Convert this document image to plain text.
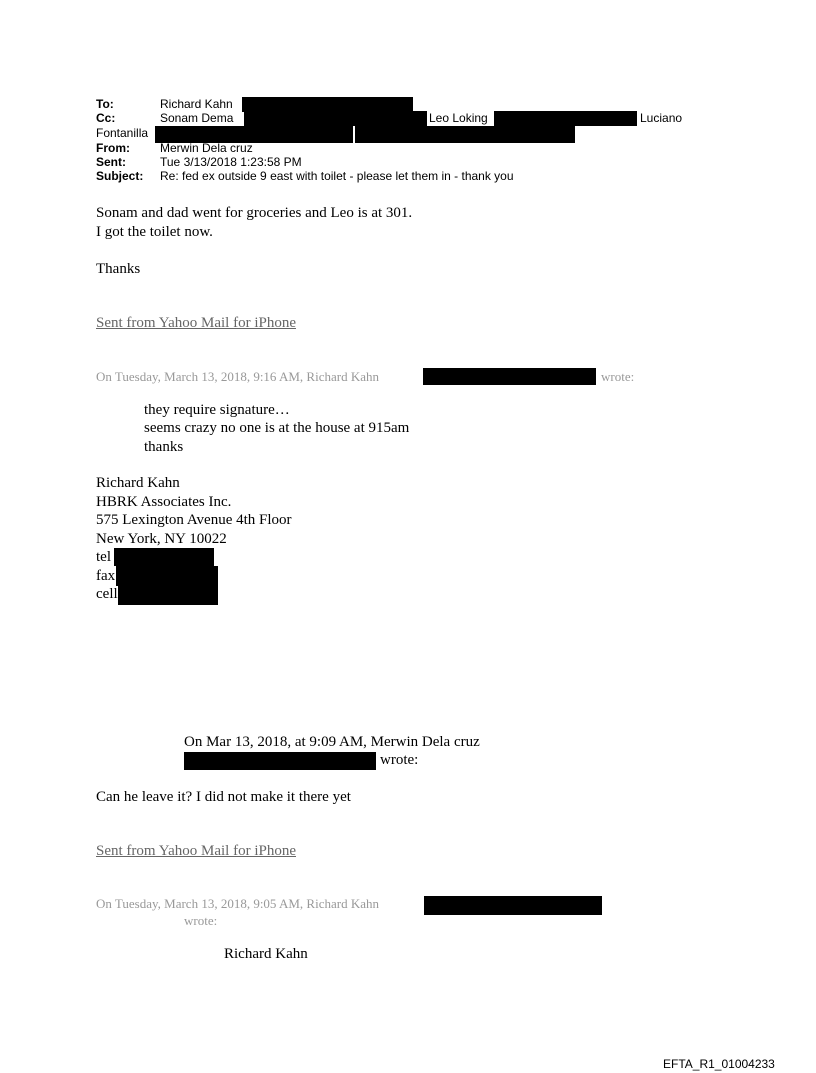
To:	Richard Kahn
Cc:	Sonam Dema	Leo Loking	Luciano
Fontanilla
From:	Merwin Dela cruz
Sent:	Tue 3/13/2018 1:23:58 PM
Subject: Re: fed ex outside 9 east with toilet - please let them in - thank you
Sonam and dad went for groceries and Leo is at 301.
I got the toilet now.
Thanks
Sent from Yahoo Mail for iPhone
On Tuesday, March 13, 2018, 9:16 AM, Richard Kahn	wrote:
they require signature…
seems crazy no one is at the house at 915am
thanks
Richard Kahn
HBRK Associates Inc.
575 Lexington Avenue 4th Floor
New York, NY 10022
tel
fax
cell
On Mar 13, 2018, at 9:09 AM, Merwin Dela cruz
wrote:
Can he leave it? I did not make it there yet
Sent from Yahoo Mail for iPhone
On Tuesday, March 13, 2018, 9:05 AM, Richard Kahn
wrote:
Richard Kahn
EFTA_R1_01004233
